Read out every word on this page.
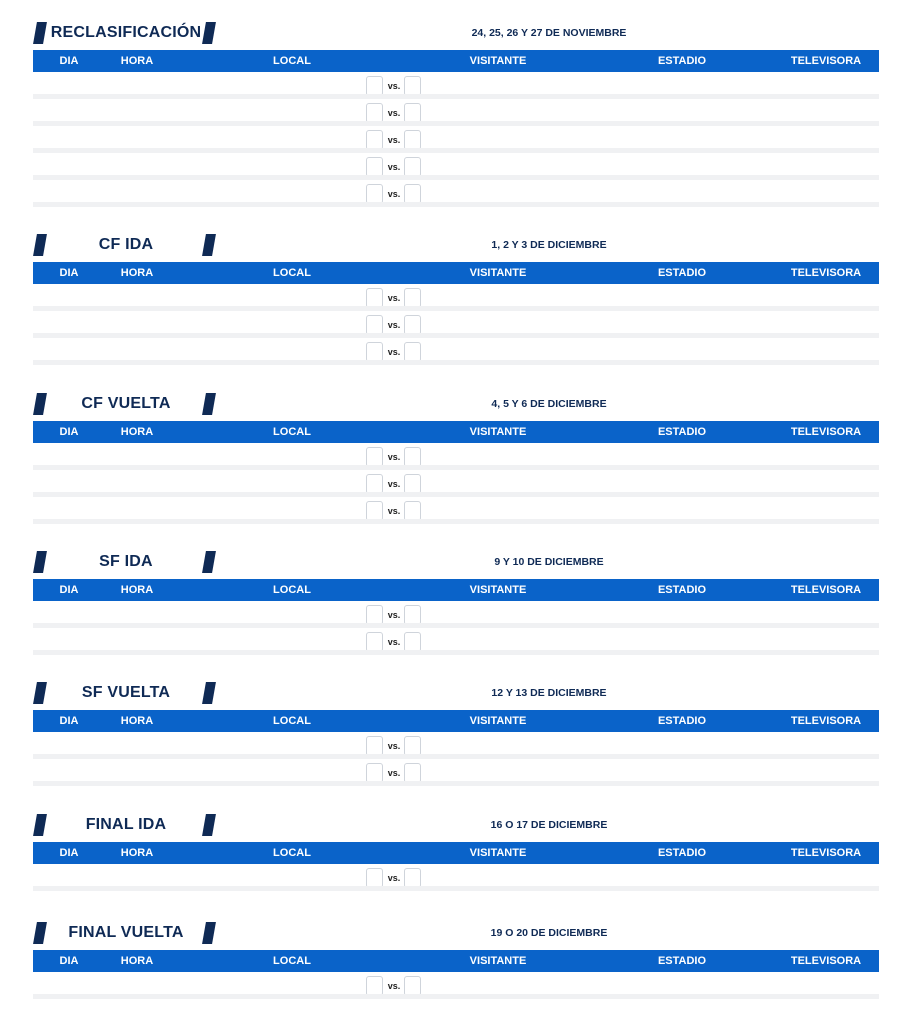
RECLASIFICACIÓN	24, 25, 26 Y 27 DE NOVIEMBRE
DIA	HORA	LOCAL	VISITANTE	ESTADIO	TELEVISORA
vs.
vs.
vs.
vs.
vs.
CF IDA	1, 2 Y 3 DE DICIEMBRE
DIA	HORA	LOCAL	VISITANTE	ESTADIO	TELEVISORA
vs.
vs.
vs.
CF VUELTA	4, 5 Y 6 DE DICIEMBRE
DIA	HORA	LOCAL	VISITANTE	ESTADIO	TELEVISORA
vs.
vs.
vs.
SF IDA	9 Y 10 DE DICIEMBRE
DIA	HORA	LOCAL	VISITANTE	ESTADIO	TELEVISORA
vs.
vs.
SF VUELTA	12 Y 13 DE DICIEMBRE
DIA	HORA	LOCAL	VISITANTE	ESTADIO	TELEVISORA
vs.
vs.
FINAL IDA	16 O 17 DE DICIEMBRE
DIA	HORA	LOCAL	VISITANTE	ESTADIO	TELEVISORA
vs.
FINAL VUELTA	19 O 20 DE DICIEMBRE
DIA	HORA	LOCAL	VISITANTE	ESTADIO	TELEVISORA
vs.
